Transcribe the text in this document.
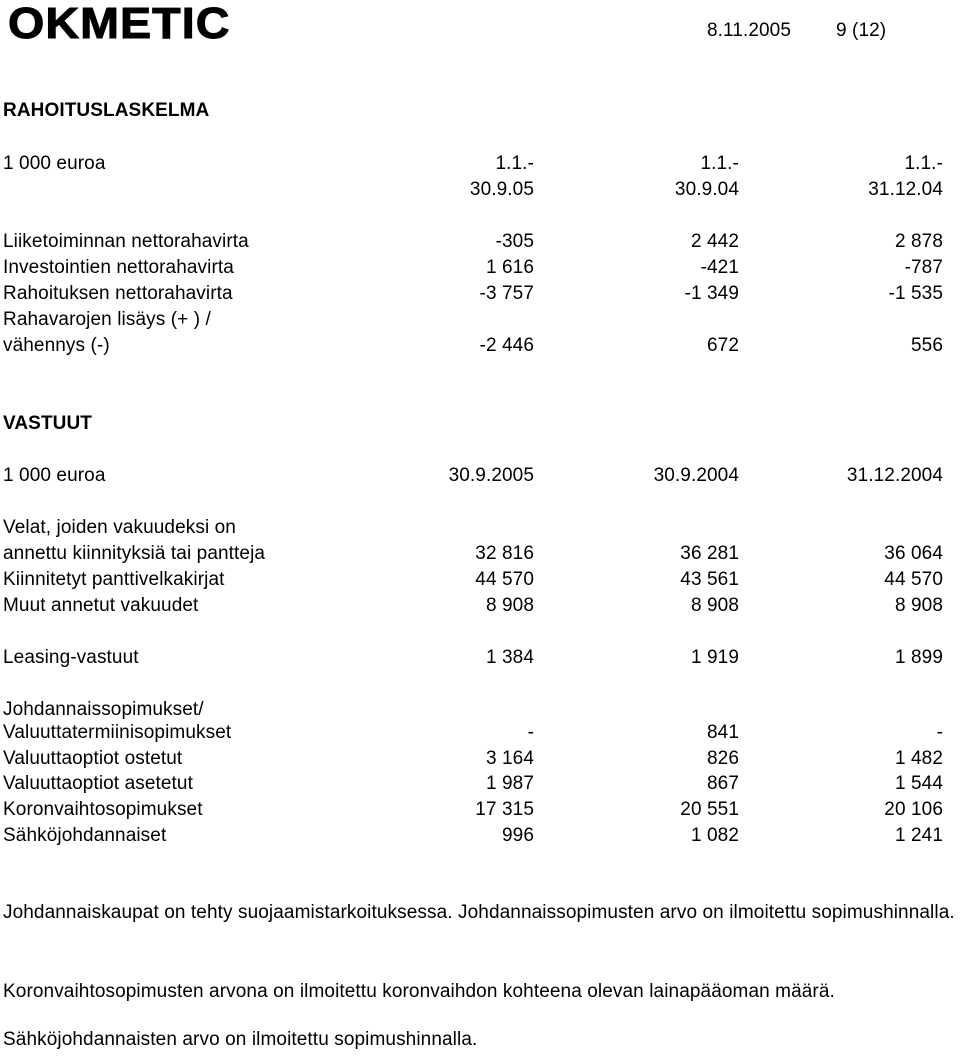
OKMETIC	8.11.2005 9 (12)
RAHOITUSLASKELMA
1 000 euroa	1.1.-	1.1.-	1.1.-
30.9.05	30.9.04	31.12.04
Liiketoiminnan nettorahavirta	-305	2 442	2 878
Investointien nettorahavirta	1 616	-421	-787
Rahoituksen nettorahavirta	-3 757	-1 349	-1 535
Rahavarojen lisäys (+ ) /
vähennys (-)	-2 446	672	556
VASTUUT
1 000 euroa	30.9.2005	30.9.2004	31.12.2004
Velat, joiden vakuudeksi on
annettu kiinnityksiä tai pantteja	32 816	36 281	36 064
Kiinnitetyt panttivelkakirjat	44 570	43 561	44 570
Muut annetut vakuudet	8 908	8 908	8 908
Leasing-vastuut	1 384	1 919	1 899
Johdannaissopimukset/
Valuuttatermiinisopimukset	-	841	-
Valuuttaoptiot ostetut	3 164	826	1 482
Valuuttaoptiot asetetut	1 987	867	1 544
Koronvaihtosopimukset	17 315	20 551	20 106
Sähköjohdannaiset	996	1 082	1 241
Johdannaiskaupat on tehty suojaamistarkoituksessa. Johdannaissopimusten arvo on ilmoitettu sopimushinnalla.
Koronvaihtosopimusten arvona on ilmoitettu koronvaihdon kohteena olevan lainapääoman määrä.
Sähköjohdannaisten arvo on ilmoitettu sopimushinnalla.
